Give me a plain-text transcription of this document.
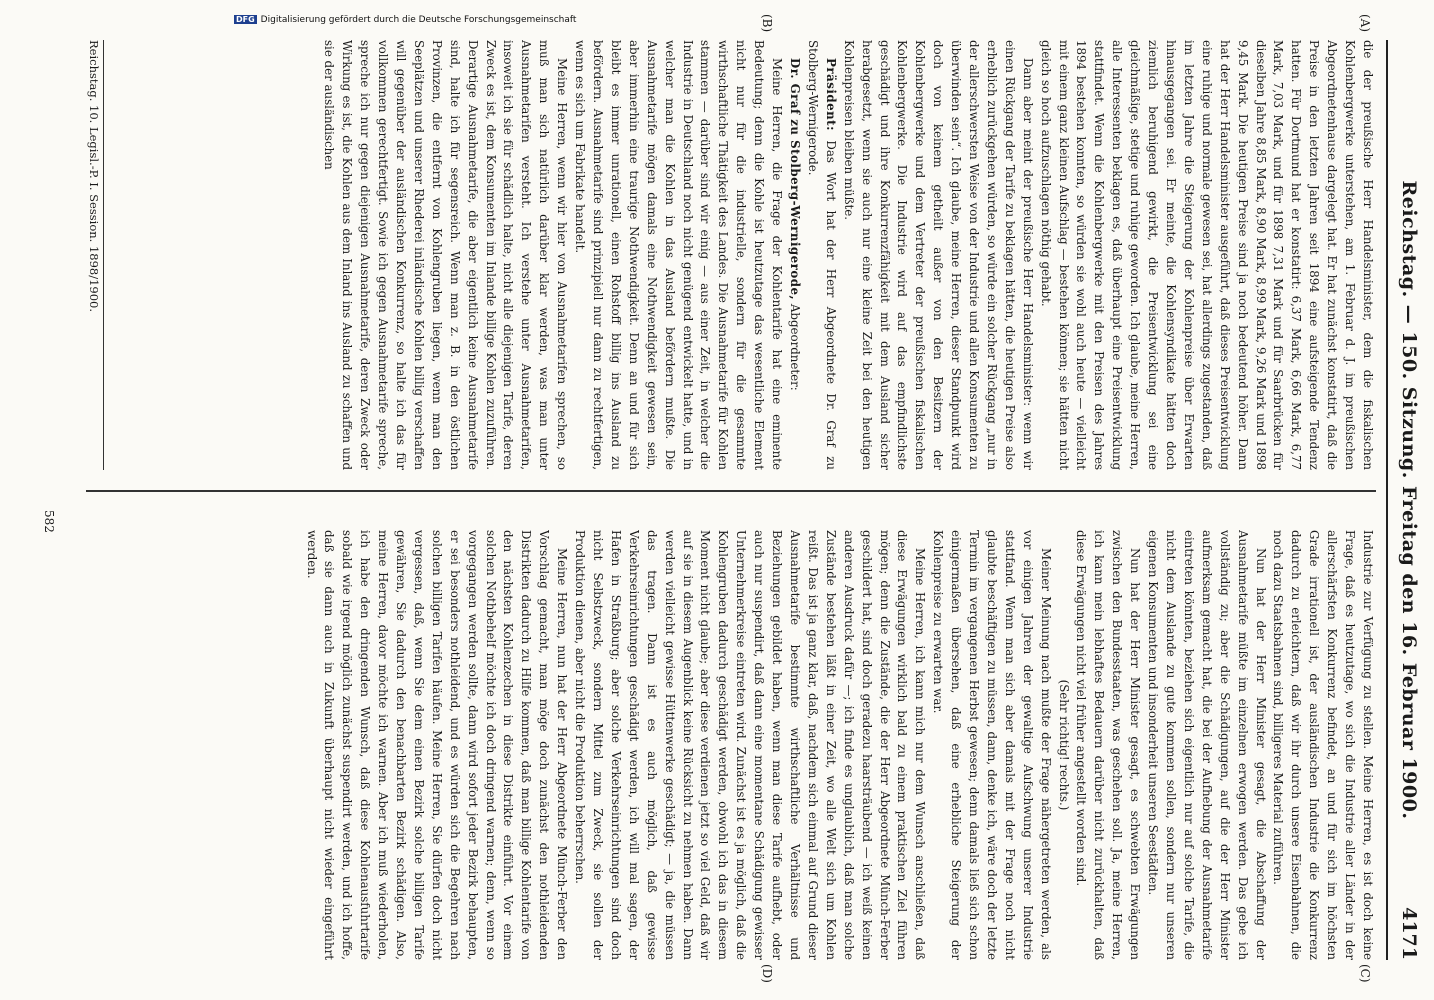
Reichstag. — 150. Sitzung. Freitag den 16. Februar 1900.
4171
(A)
(B)
(C)
(D)

die der preußische Herr Handelsminister, dem die fiskalischen Kohlenbergwerke unterstehen, am 1. Februar d. J. im preußischen Abgeordnetenhause dargelegt hat. Er hat zunächst konstatirt, daß die Preise in den letzten Jahren seit 1894 eine aufsteigende Tendenz hatten. Für Dortmund hat er konstatirt: 6,37 Mark, 6,66 Mark, 6,77 Mark, 7,03 Mark, und für 1898 7,31 Mark und für Saarbrücken für dieselben Jahre 8,85 Mark, 8,90 Mark, 8,99 Mark, 9,26 Mark und 1898 9,45 Mark. Die heutigen Preise sind ja noch bedeutend höher. Dann hat der Herr Handelsminister ausgeführt, daß dieses Preisentwicklung eine ruhige und normale gewesen sei, hat allerdings zugestanden, daß im letzten Jahre die Steigerung der Kohlenpreise über Erwarten hinausgegangen sei. Er meinte, die Kohlensyndikate hätten doch ziemlich beruhigend gewirkt, die Preisentwicklung sei eine gleichmäßige, stetige und ruhige geworden. Ich glaube, meine Herren, alle Interessenten beklagen es, daß überhaupt eine Preisentwicklung stattfindet. Wenn die Kohlenbergwerke mit den Preisen des Jahres 1894 bestehen konnten, so würden sie wohl auch heute — vielleicht mit einem ganz kleinen Aufschlag — bestehen können; sie hätten nicht gleich so hoch aufzuschlagen nöthig gehabt.

Dann aber meint der preußische Herr Handelsminister: wenn wir einen Rückgang der Tarife zu beklagen hätten, die heutigen Preise also erheblich zurückgehen würden, so würde ein solcher Rückgang „nur in der allerschwersten Weise von der Industrie und allen Konsumenten zu überwinden sein“. Ich glaube, meine Herren, dieser Standpunkt wird doch von keinem getheilt außer von den Besitzern der Kohlenbergwerke und dem Vertreter der preußischen fiskalischen Kohlenbergwerke. Die Industrie wird auf das empfindlichste geschädigt und ihre Konkurrenzfähigkeit mit dem Ausland sicher herabgesetzt, wenn sie auch nur eine kleine Zeit bei den heutigen Kohlenpreisen bleiben müßte.

Präsident: Das Wort hat der Herr Abgeordnete Dr. Graf zu Stolberg-Wernigerode.

Dr. Graf zu Stolberg-Wernigerode, Abgeordneter:

Meine Herren, die Frage der Kohlentarife hat eine eminente Bedeutung; denn die Kohle ist heutzutage das wesentliche Element nicht nur für die industrielle, sondern für die gesammte wirthschaftliche Thätigkeit des Landes. Die Ausnahmetarife für Kohlen stammen — darüber sind wir einig — aus einer Zeit, in welcher die Industrie in Deutschland noch nicht genügend entwickelt hatte, und in welcher man die Kohlen in das Ausland befördern mußte. Die Ausnahmetarife mögen damals eine Nothwendigkeit gewesen sein, aber immerhin eine traurige Nothwendigkeit. Denn an und für sich bleibt es immer unrationell, einen Rohstoff billig ins Ausland zu befördern. Ausnahmetarife sind prinzipiell nur dann zu rechtfertigen, wenn es sich um Fabrikate handelt.

Meine Herren, wenn wir hier von Ausnahmetarifen sprechen, so muß man sich natürlich darüber klar werden, was man unter Ausnahmetarifen versteht. Ich verstehe unter Ausnahmetarifen, insoweit ich sie für schädlich halte, nicht alle diejenigen Tarife, deren Zweck es ist, dem Konsumenten im Inlande billige Kohlen zuzuführen. Derartige Ausnahmetarife, die aber eigentlich keine Ausnahmetarife sind, halte ich für segensreich. Wenn man z. B. in den östlichen Provinzen, die entfernt von Kohlengruben liegen, wenn man den Seeplätzen und unserer Rhederei inländische Kohlen billig verschaffen will gegenüber der ausländischen Konkurrenz, so halte ich das für vollkommen gerechtfertigt. Sowie ich gegen Ausnahmetarife spreche, spreche ich nur gegen diejenigen Ausnahmetarife, deren Zweck oder Wirkung es ist, die Kohlen aus dem Inland ins Ausland zu schaffen und sie der ausländischen

Industrie zur Verfügung zu stellen. Meine Herren, es ist doch keine Frage, daß es heutzutage, wo sich die Industrie aller Länder in der allerschärfsten Konkurrenz befindet, an und für sich im höchsten Grade irrationell ist, der ausländischen Industrie die Konkurrenz dadurch zu erleichtern, daß wir ihr durch unsere Eisenbahnen, die noch dazu Staatsbahnen sind, billigeres Material zuführen.

Nun hat der Herr Minister gesagt, die Abschaffung der Ausnahmetarife müßte im einzelnen erwogen werden. Das gebe ich vollständig zu; aber die Schädigungen, auf die der Herr Minister aufmerksam gemacht hat, die bei der Aufhebung der Ausnahmetarife eintreten könnten, beziehen sich eigentlich nur auf solche Tarife, die nicht dem Auslande zu gute kommen sollen, sondern nur unseren eigenen Konsumenten und insonderheit unseren Seestädten.

Nun hat der Herr Minister gesagt, es schwebten Erwägungen zwischen den Bundesstaaten, was geschehen soll. Ja, meine Herren, ich kann mein lebhaftes Bedauern darüber nicht zurückhalten, daß diese Erwägungen nicht viel früher angestellt worden sind.

(Sehr richtig! rechts.)

Meiner Meinung nach mußte der Frage nähergetreten werden, als vor einigen Jahren der gewaltige Aufschwung unserer Industrie stattfand. Wenn man sich aber damals mit der Frage noch nicht glaubte beschäftigen zu müssen, dann, denke ich, wäre doch der letzte Termin im vergangenen Herbst gewesen; denn damals ließ sich schon einigermaßen übersehen, daß eine erhebliche Steigerung der Kohlenpreise zu erwarten war.

Meine Herren, ich kann mich nur dem Wunsch anschließen, daß diese Erwägungen wirklich bald zu einem praktischen Ziel führen mögen; denn die Zustände, die der Herr Abgeordnete Münch-Ferber geschildert hat, sind doch geradezu haarsträubend — ich weiß keinen anderen Ausdruck dafür —; ich finde es unglaublich, daß man solche Zustände bestehen läßt in einer Zeit, wo alle Welt sich um Kohlen reißt. Das ist ja ganz klar, daß, nachdem sich einmal auf Grund dieser Ausnahmetarife bestimmte wirthschaftliche Verhältnisse und Beziehungen gebildet haben, wenn man diese Tarife aufhebt, oder auch nur suspendirt, daß dann eine momentane Schädigung gewisser Unternehmerkreise eintreten wird. Zunächst ist es ja möglich, daß die Kohlengruben dadurch geschädigt werden, obwohl ich das in diesem Moment nicht glaube; aber diese verdienen jetzt so viel Geld, daß wir auf sie in diesem Augenblick keine Rücksicht zu nehmen haben. Dann werden vielleicht gewisse Hüttenwerke geschädigt; — ja, die müssen das tragen. Dann ist es auch möglich, daß gewisse Verkehrseinrichtungen geschädigt werden, ich will mal sagen, der Hafen in Straßburg; aber solche Verkehrseinrichtungen sind doch nicht Selbstzweck, sondern Mittel zum Zweck, sie sollen der Produktion dienen, aber nicht die Produktion beherrschen.

Meine Herren, nun hat der Herr Abgeordnete Münch-Ferber den Vorschlag gemacht, man möge doch zunächst den nothleidenden Distrikten dadurch zu Hilfe kommen, daß man billige Kohlentarife von den nächsten Kohlenzechen in diese Distrikte einführt. Vor einem solchen Nothbehelf möchte ich doch dringend warnen; denn, wenn so vorgegangen werden sollte, dann wird sofort jeder Bezirk behaupten, er sei besonders nothleidend, und es würden sich die Begehren nach solchen billigen Tarifen häufen. Meine Herren, Sie dürfen doch nicht vergessen, daß, wenn Sie dem einen Bezirk solche billigen Tarife gewähren, Sie dadurch den benachbarten Bezirk schädigen. Also, meine Herren, davor möchte ich warnen. Aber ich muß wiederholen, ich habe den dringenden Wunsch, daß diese Kohlenausfuhrtarife sobald wie irgend möglich zunächst suspendirt werden, und ich hoffe, daß sie dann auch in Zukunft überhaupt nicht wieder eingeführt werden.

Reichstag. 10. Legisl.-P. I. Session. 1898/1900.
582
DFG Digitalisierung gefördert durch die Deutsche Forschungsgemeinschaft
